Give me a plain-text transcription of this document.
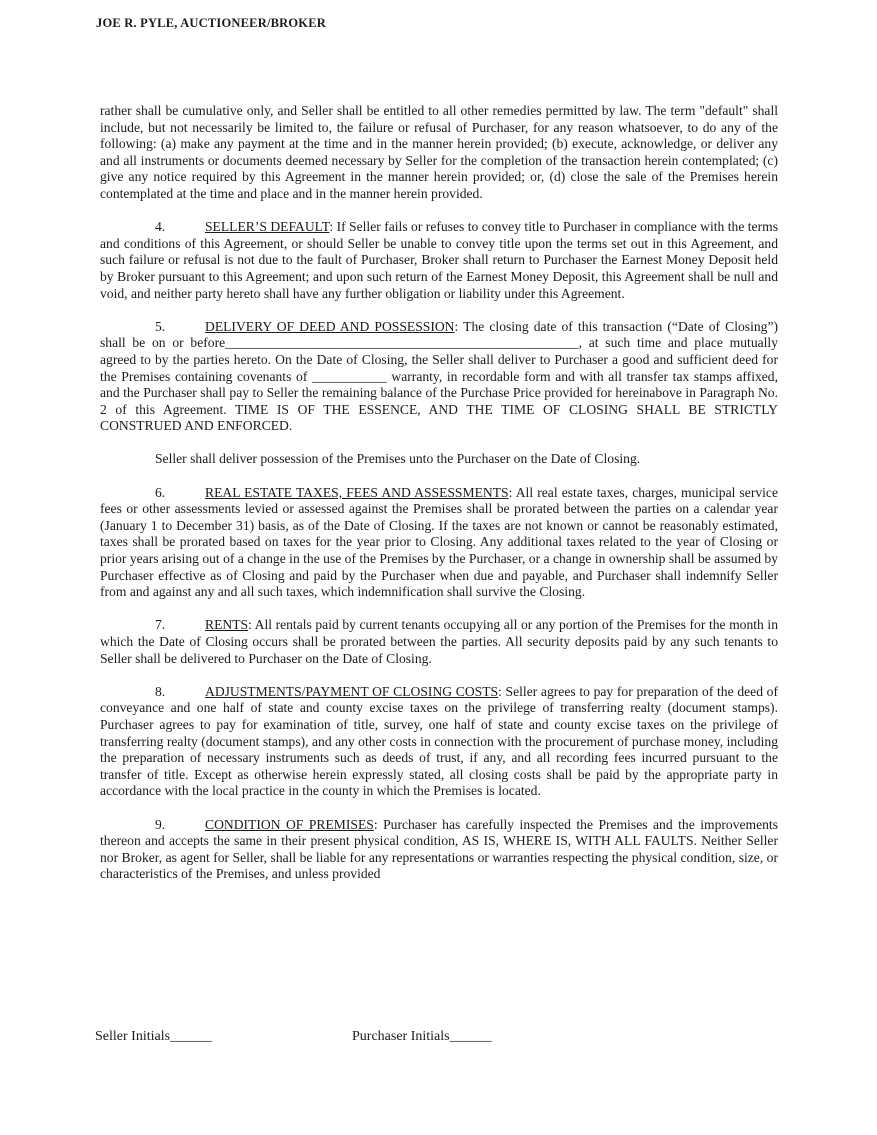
JOE R. PYLE, AUCTIONEER/BROKER

rather shall be cumulative only, and Seller shall be entitled to all other remedies permitted by law. The term "default" shall include, but not necessarily be limited to, the failure or refusal of Purchaser, for any reason whatsoever, to do any of the following: (a) make any payment at the time and in the manner herein provided; (b) execute, acknowledge, or deliver any and all instruments or documents deemed necessary by Seller for the completion of the transaction herein contemplated; (c) give any notice required by this Agreement in the manner herein provided; or, (d) close the sale of the Premises herein contemplated at the time and place and in the manner herein provided.

4.	SELLER’S DEFAULT: If Seller fails or refuses to convey title to Purchaser in compliance with the terms and conditions of this Agreement, or should Seller be unable to convey title upon the terms set out in this Agreement, and such failure or refusal is not due to the fault of Purchaser, Broker shall return to Purchaser the Earnest Money Deposit held by Broker pursuant to this Agreement; and upon such return of the Earnest Money Deposit, this Agreement shall be null and void, and neither party hereto shall have any further obligation or liability under this Agreement.

5.	DELIVERY OF DEED AND POSSESSION: The closing date of this transaction (“Date of Closing”) shall be on or before____________________________________________________, at such time and place mutually agreed to by the parties hereto. On the Date of Closing, the Seller shall deliver to Purchaser a good and sufficient deed for the Premises containing covenants of ___________ warranty, in recordable form and with all transfer tax stamps affixed, and the Purchaser shall pay to Seller the remaining balance of the Purchase Price provided for hereinabove in Paragraph No. 2 of this Agreement. TIME IS OF THE ESSENCE, AND THE TIME OF CLOSING SHALL BE STRICTLY CONSTRUED AND ENFORCED.

Seller shall deliver possession of the Premises unto the Purchaser on the Date of Closing.

6.	REAL ESTATE TAXES, FEES AND ASSESSMENTS: All real estate taxes, charges, municipal service fees or other assessments levied or assessed against the Premises shall be prorated between the parties on a calendar year (January 1 to December 31) basis, as of the Date of Closing. If the taxes are not known or cannot be reasonably estimated, taxes shall be prorated based on taxes for the year prior to Closing. Any additional taxes related to the year of Closing or prior years arising out of a change in the use of the Premises by the Purchaser, or a change in ownership shall be assumed by Purchaser effective as of Closing and paid by the Purchaser when due and payable, and Purchaser shall indemnify Seller from and against any and all such taxes, which indemnification shall survive the Closing.

7.	RENTS: All rentals paid by current tenants occupying all or any portion of the Premises for the month in which the Date of Closing occurs shall be prorated between the parties. All security deposits paid by any such tenants to Seller shall be delivered to Purchaser on the Date of Closing.

8.	ADJUSTMENTS/PAYMENT OF CLOSING COSTS: Seller agrees to pay for preparation of the deed of conveyance and one half of state and county excise taxes on the privilege of transferring realty (document stamps). Purchaser agrees to pay for examination of title, survey, one half of state and county excise taxes on the privilege of transferring realty (document stamps), and any other costs in connection with the procurement of purchase money, including the preparation of necessary instruments such as deeds of trust, if any, and all recording fees incurred pursuant to the transfer of title. Except as otherwise herein expressly stated, all closing costs shall be paid by the appropriate party in accordance with the local practice in the county in which the Premises is located.

9.	CONDITION OF PREMISES: Purchaser has carefully inspected the Premises and the improvements thereon and accepts the same in their present physical condition, AS IS, WHERE IS, WITH ALL FAULTS. Neither Seller nor Broker, as agent for Seller, shall be liable for any representations or warranties respecting the physical condition, size, or characteristics of the Premises, and unless provided

Seller Initials______	Purchaser Initials______
